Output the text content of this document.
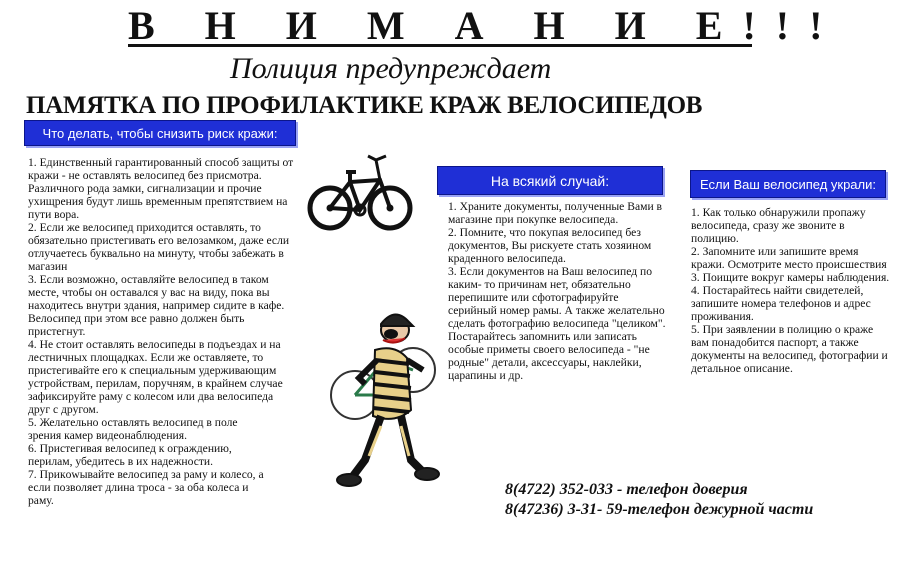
В Н И М А Н И Е!!!
Полиция предупреждает
ПАМЯТКА ПО ПРОФИЛАКТИКЕ КРАЖ ВЕЛОСИПЕДОВ
Что делать, чтобы снизить риск кражи:

1. Единственный гарантированный способ защиты от кражи - не оставлять велосипед без присмотра. Различного рода замки, сигнализации и прочие ухищрения будут лишь временным препятствием на пути вора.

2. Если же велосипед приходится оставлять, то обязательно пристегивать его велозамком, даже если отлучаетесь буквально на минуту, чтобы забежать в магазин

3. Если возможно, оставляйте велосипед в таком месте, чтобы он оставался у вас на виду, пока вы находитесь внутри здания, например сидите в кафе. Велосипед при этом все равно должен быть пристегнут.

4. Не стоит оставлять велосипеды в подъездах и на лестничных площадках. Если же оставляете, то пристегивайте его к специальным удерживающим устройствам, перилам, поручням, в крайнем случае зафиксируйте раму с колесом или два велосипеда друг с другом.

5. Желательно оставлять велосипед в поле зрения камер видеонаблюдения.

6. Пристегивая велосипед к ограждению, перилам, убедитесь в их надежности.

7. Прикowывайте велосипед за раму и колесо, а если позволяет длина троса - за оба колеса и раму.

На всякий случай:

1. Храните документы, полученные Вами в магазине при покупке велосипеда.

2. Помните, что покупая велосипед без документов, Вы рискуете стать хозяином краденного велосипеда.

3. Если документов на Ваш велосипед по каким- то причинам нет, обязательно перепишите или сфотографируйте серийный номер рамы. А также желательно сделать фотографию велосипеда "целиком". Постарайтесь запомнить или записать особые приметы своего велосипеда - "не родные" детали, аксессуары, наклейки, царапины и др.

Если Ваш велосипед украли:

1. Как только обнаружили пропажу велосипеда, сразу же звоните в полицию.

2. Запомните или запишите время кражи. Осмотрите место происшествия

3. Поищите вокруг камеры наблюдения.

4. Постарайтесь найти свидетелей, запишите номера телефонов и адрес проживания.

5. При заявлении в полицию о краже вам понадобится паспорт, а также документы на велосипед, фотографии и детальное описание.

8(4722) 352-033 - телефон доверия
8(47236) 3-31- 59-телефон дежурной части
